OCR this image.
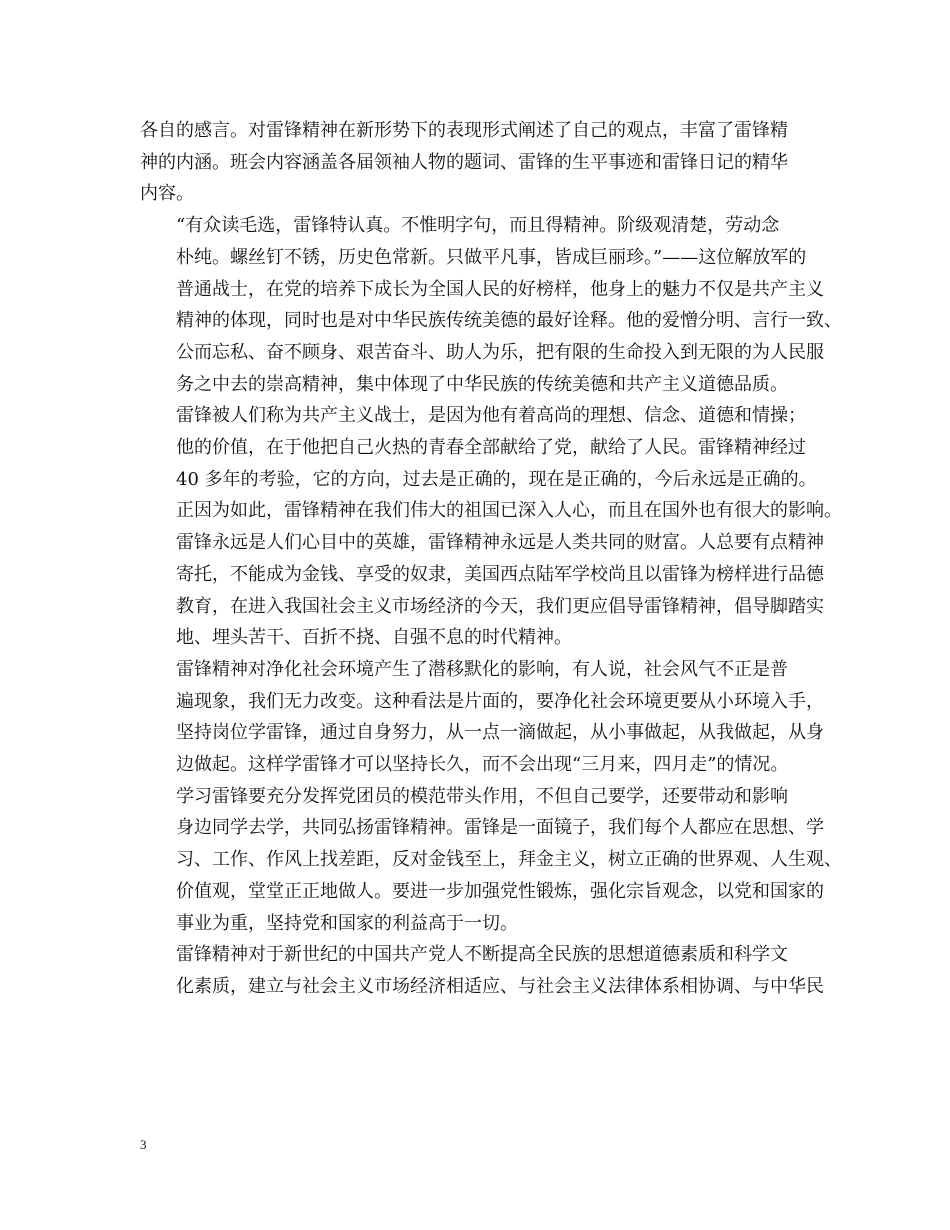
各自的感言。对雷锋精神在新形势下的表现形式阐述了自己的观点，丰富了雷锋精
神的内涵。班会内容涵盖各届领袖人物的题词、雷锋的生平事迹和雷锋日记的精华
内容。

“有众读毛选，雷锋特认真。不惟明字句，而且得精神。阶级观清楚，劳动念
朴纯。螺丝钉不锈，历史色常新。只做平凡事，皆成巨丽珍。”——这位解放军的
普通战士，在党的培养下成长为全国人民的好榜样，他身上的魅力不仅是共产主义
精神的体现，同时也是对中华民族传统美德的最好诠释。他的爱憎分明、言行一致、
公而忘私、奋不顾身、艰苦奋斗、助人为乐，把有限的生命投入到无限的为人民服
务之中去的崇高精神，集中体现了中华民族的传统美德和共产主义道德品质。

雷锋被人们称为共产主义战士，是因为他有着高尚的理想、信念、道德和情操；
他的价值，在于他把自己火热的青春全部献给了党，献给了人民。雷锋精神经过
40 多年的考验，它的方向，过去是正确的，现在是正确的，今后永远是正确的。
正因为如此，雷锋精神在我们伟大的祖国已深入人心，而且在国外也有很大的影响。
雷锋永远是人们心目中的英雄，雷锋精神永远是人类共同的财富。人总要有点精神
寄托，不能成为金钱、享受的奴隶，美国西点陆军学校尚且以雷锋为榜样进行品德
教育，在进入我国社会主义市场经济的今天，我们更应倡导雷锋精神，倡导脚踏实
地、埋头苦干、百折不挠、自强不息的时代精神。

雷锋精神对净化社会环境产生了潜移默化的影响，有人说，社会风气不正是普
遍现象，我们无力改变。这种看法是片面的，要净化社会环境更要从小环境入手，
坚持岗位学雷锋，通过自身努力，从一点一滴做起，从小事做起，从我做起，从身
边做起。这样学雷锋才可以坚持长久，而不会出现“三月来，四月走”的情况。

学习雷锋要充分发挥党团员的模范带头作用，不但自己要学，还要带动和影响
身边同学去学，共同弘扬雷锋精神。雷锋是一面镜子，我们每个人都应在思想、学
习、工作、作风上找差距，反对金钱至上，拜金主义，树立正确的世界观、人生观、
价值观，堂堂正正地做人。要进一步加强党性锻炼，强化宗旨观念，以党和国家的
事业为重，坚持党和国家的利益高于一切。

雷锋精神对于新世纪的中国共产党人不断提高全民族的思想道德素质和科学文
化素质，建立与社会主义市场经济相适应、与社会主义法律体系相协调、与中华民

3
